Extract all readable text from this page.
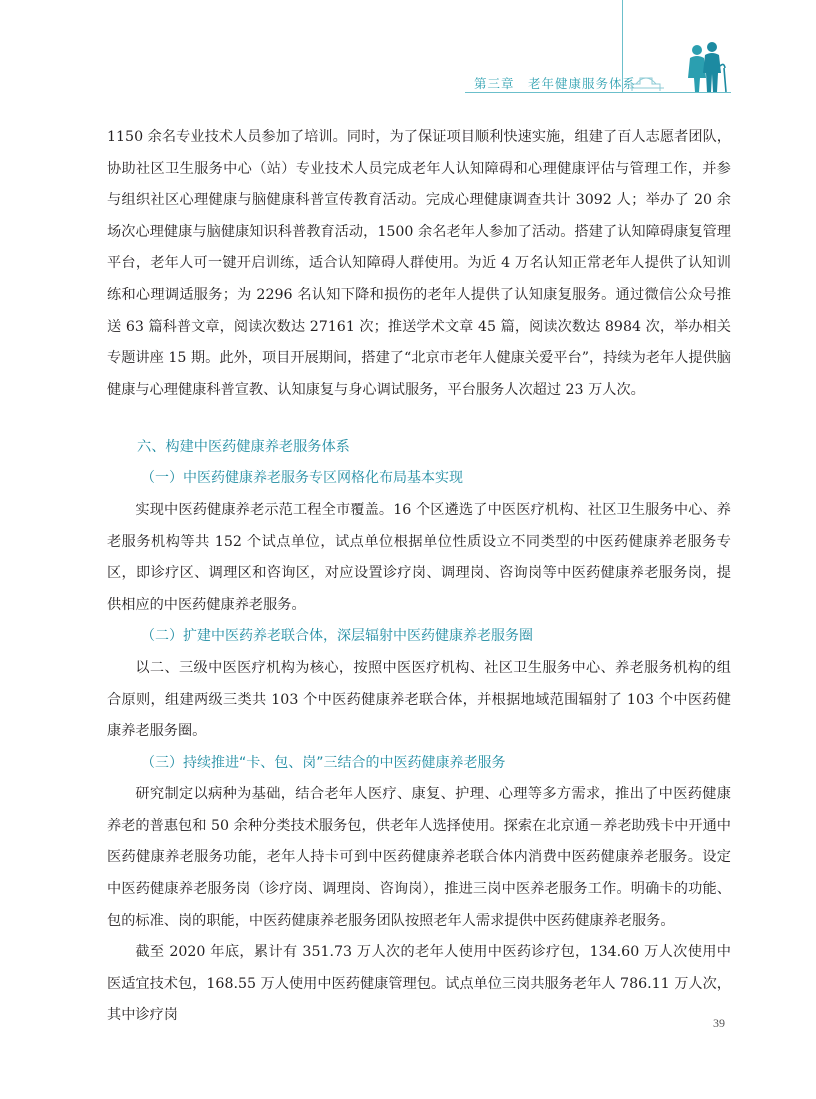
第三章　老年健康服务体系

1150 余名专业技术人员参加了培训。同时，为了保证项目顺利快速实施，组建了百人志愿者团队，协助社区卫生服务中心（站）专业技术人员完成老年人认知障碍和心理健康评估与管理工作，并参与组织社区心理健康与脑健康科普宣传教育活动。完成心理健康调查共计 3092 人；举办了 20 余场次心理健康与脑健康知识科普教育活动，1500 余名老年人参加了活动。搭建了认知障碍康复管理平台，老年人可一键开启训练，适合认知障碍人群使用。为近 4 万名认知正常老年人提供了认知训练和心理调适服务；为 2296 名认知下降和损伤的老年人提供了认知康复服务。通过微信公众号推送 63 篇科普文章，阅读次数达 27161 次；推送学术文章 45 篇，阅读次数达 8984 次，举办相关专题讲座 15 期。此外，项目开展期间，搭建了“北京市老年人健康关爱平台”，持续为老年人提供脑健康与心理健康科普宣教、认知康复与身心调试服务，平台服务人次超过 23 万人次。

六、构建中医药健康养老服务体系

（一）中医药健康养老服务专区网格化布局基本实现

实现中医药健康养老示范工程全市覆盖。16 个区遴选了中医医疗机构、社区卫生服务中心、养老服务机构等共 152 个试点单位，试点单位根据单位性质设立不同类型的中医药健康养老服务专区，即诊疗区、调理区和咨询区，对应设置诊疗岗、调理岗、咨询岗等中医药健康养老服务岗，提供相应的中医药健康养老服务。

（二）扩建中医药养老联合体，深层辐射中医药健康养老服务圈

以二、三级中医医疗机构为核心，按照中医医疗机构、社区卫生服务中心、养老服务机构的组合原则，组建两级三类共 103 个中医药健康养老联合体，并根据地域范围辐射了 103 个中医药健康养老服务圈。

（三）持续推进“卡、包、岗”三结合的中医药健康养老服务

研究制定以病种为基础，结合老年人医疗、康复、护理、心理等多方需求，推出了中医药健康养老的普惠包和 50 余种分类技术服务包，供老年人选择使用。探索在北京通－养老助残卡中开通中医药健康养老服务功能，老年人持卡可到中医药健康养老联合体内消费中医药健康养老服务。设定中医药健康养老服务岗（诊疗岗、调理岗、咨询岗），推进三岗中医养老服务工作。明确卡的功能、包的标准、岗的职能，中医药健康养老服务团队按照老年人需求提供中医药健康养老服务。

截至 2020 年底，累计有 351.73 万人次的老年人使用中医药诊疗包，134.60 万人次使用中医适宜技术包，168.55 万人使用中医药健康管理包。试点单位三岗共服务老年人 786.11 万人次，其中诊疗岗	39
